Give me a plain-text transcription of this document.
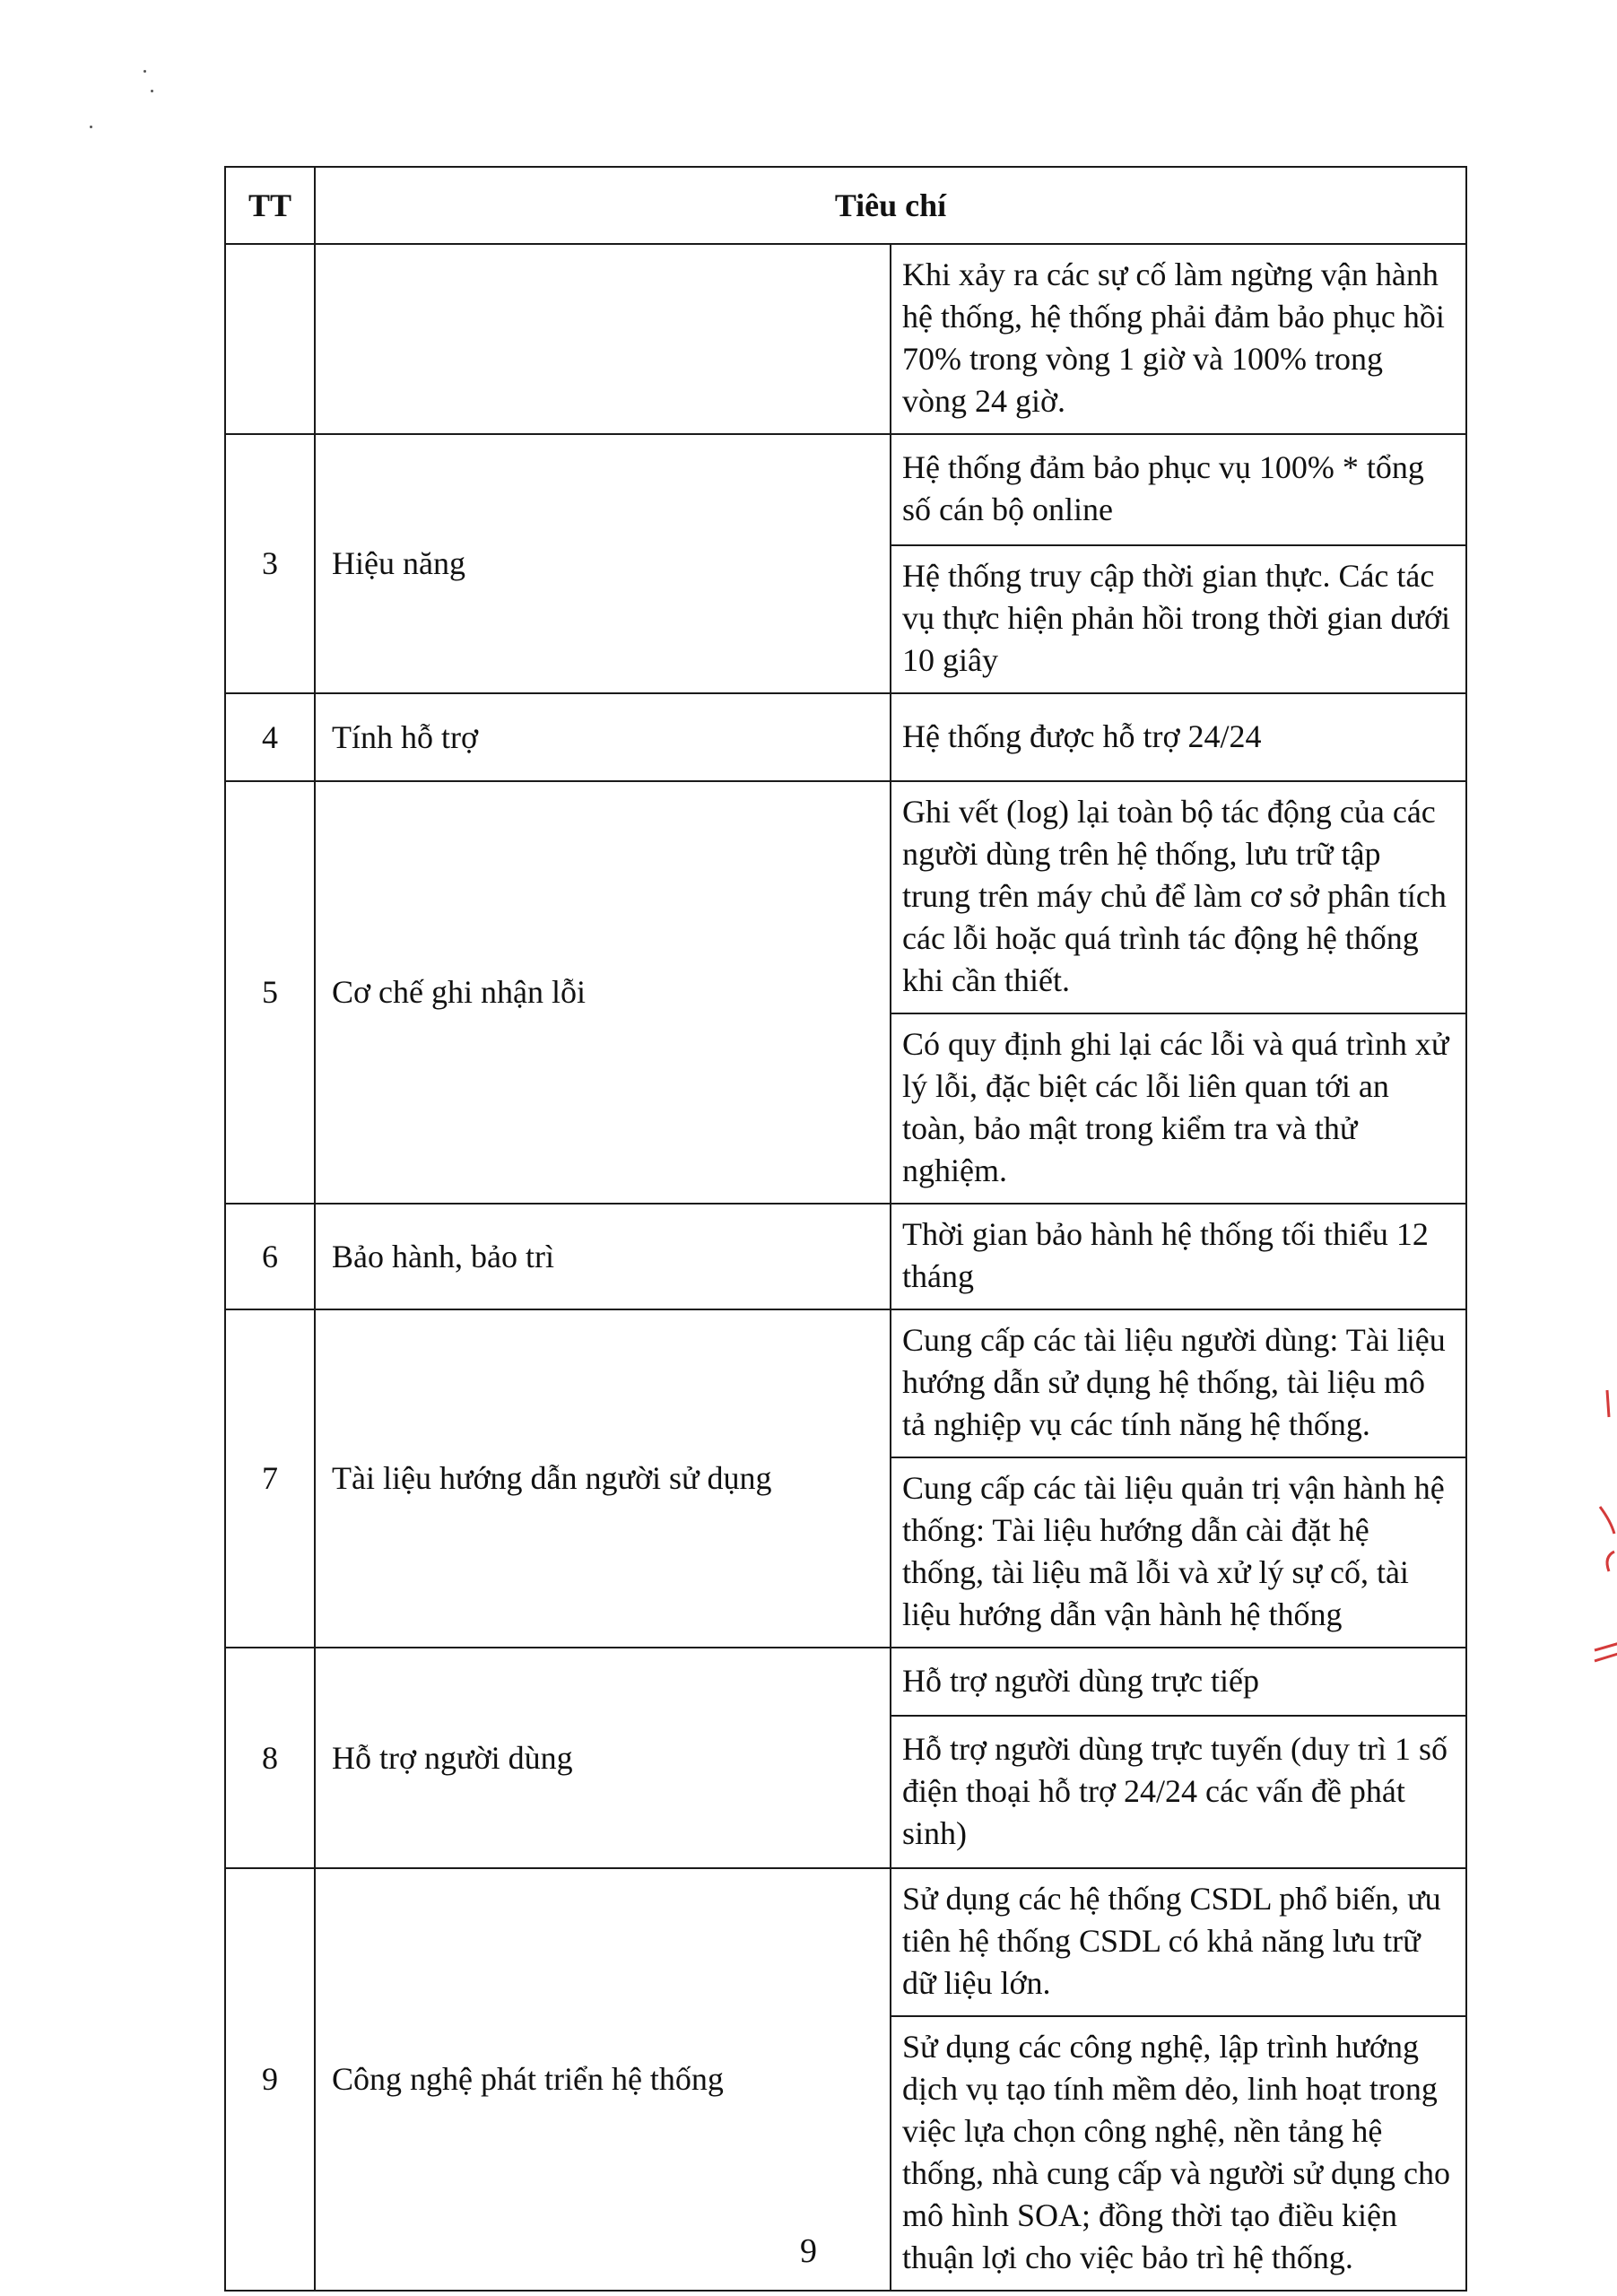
TT	Tiêu chí	
		Khi xảy ra các sự cố làm ngừng vận hành hệ thống, hệ thống phải đảm bảo phục hồi 70% trong vòng 1 giờ và 100% trong vòng 24 giờ.
3	Hiệu năng	Hệ thống đảm bảo phục vụ 100% * tổng số cán bộ online
		Hệ thống truy cập thời gian thực. Các tác vụ thực hiện phản hồi trong thời gian dưới 10 giây
4	Tính hỗ trợ	Hệ thống được hỗ trợ 24/24
5	Cơ chế ghi nhận lỗi	Ghi vết (log) lại toàn bộ tác động của các người dùng trên hệ thống, lưu trữ tập trung trên máy chủ để làm cơ sở phân tích các lỗi hoặc quá trình tác động hệ thống khi cần thiết.
		Có quy định ghi lại các lỗi và quá trình xử lý lỗi, đặc biệt các lỗi liên quan tới an toàn, bảo mật trong kiểm tra và thử nghiệm.
6	Bảo hành, bảo trì	Thời gian bảo hành hệ thống tối thiểu 12 tháng
7	Tài liệu hướng dẫn người sử dụng	Cung cấp các tài liệu người dùng: Tài liệu hướng dẫn sử dụng hệ thống, tài liệu mô tả nghiệp vụ các tính năng hệ thống.
		Cung cấp các tài liệu quản trị vận hành hệ thống: Tài liệu hướng dẫn cài đặt hệ thống, tài liệu mã lỗi và xử lý sự cố, tài liệu hướng dẫn vận hành hệ thống
8	Hỗ trợ người dùng	Hỗ trợ người dùng trực tiếp
		Hỗ trợ người dùng trực tuyến (duy trì 1 số điện thoại hỗ trợ 24/24 các vấn đề phát sinh)
9	Công nghệ phát triển hệ thống	Sử dụng các hệ thống CSDL phổ biến, ưu tiên hệ thống CSDL có khả năng lưu trữ dữ liệu lớn.
		Sử dụng các công nghệ, lập trình hướng dịch vụ tạo tính mềm dẻo, linh hoạt trong việc lựa chọn công nghệ, nền tảng hệ thống, nhà cung cấp và người sử dụng cho mô hình SOA; đồng thời tạo điều kiện thuận lợi cho việc bảo trì hệ thống.
9
